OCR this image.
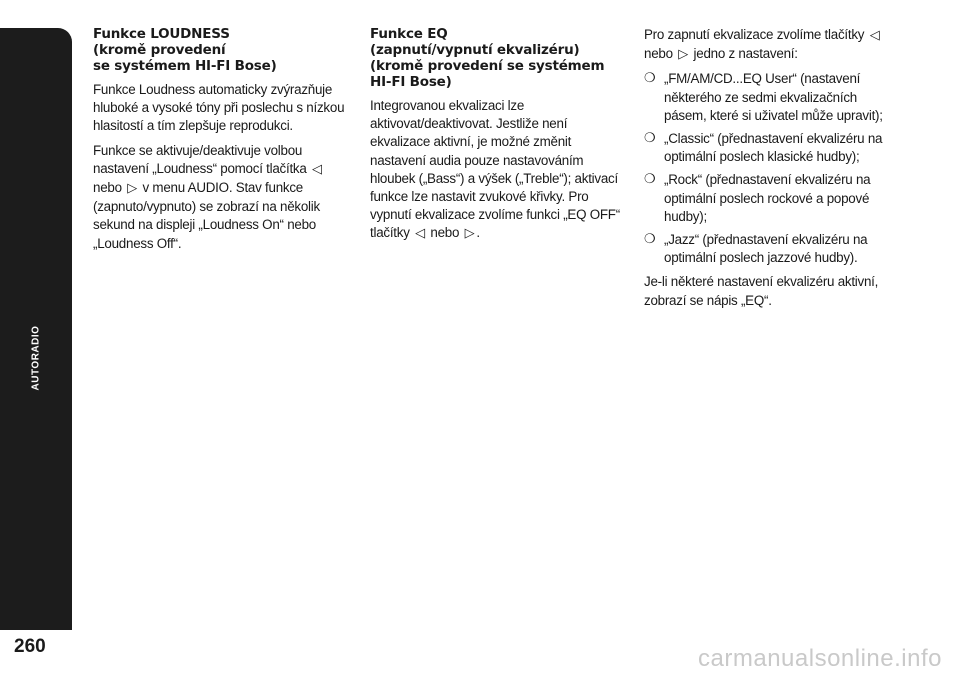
AUTORADIO
260
Funkce LOUDNESS
(kromě provedení
se systémem HI-FI Bose)

Funkce Loudness automaticky zvýrazňuje hluboké a vysoké tóny při poslechu s nízkou hlasitostí a tím zlepšuje reprodukci.

Funkce se aktivuje/deaktivuje volbou nastavení „Loudness“ pomocí tlačítka ◁ nebo ▷ v menu AUDIO. Stav funkce (zapnuto/vypnuto) se zobrazí na několik sekund na displeji „Loudness On“ nebo „Loudness Off“.

Funkce EQ
(zapnutí/vypnutí ekvalizéru)
(kromě provedení se systémem
HI-FI Bose)

Integrovanou ekvalizaci lze aktivovat/deaktivovat. Jestliže není ekvalizace aktivní, je možné změnit nastavení audia pouze nastavováním hloubek („Bass“) a výšek („Treble“); aktivací funkce lze nastavit zvukové křivky. Pro vypnutí ekvalizace zvolíme funkci „EQ OFF“ tlačítky ◁ nebo ▷ .

Pro zapnutí ekvalizace zvolíme tlačítky ◁ nebo ▷ jedno z nastavení:

❍ „FM/AM/CD...EQ User“ (nastavení některého ze sedmi ekvalizačních pásem, které si uživatel může upravit);
❍ „Classic“ (přednastavení ekvalizéru na optimální poslech klasické hudby);
❍ „Rock“ (přednastavení ekvalizéru na optimální poslech rockové a popové hudby);
❍ „Jazz“ (přednastavení ekvalizéru na optimální poslech jazzové hudby).

Je-li některé nastavení ekvalizéru aktivní, zobrazí se nápis „EQ“.

carmanualsonline.info
